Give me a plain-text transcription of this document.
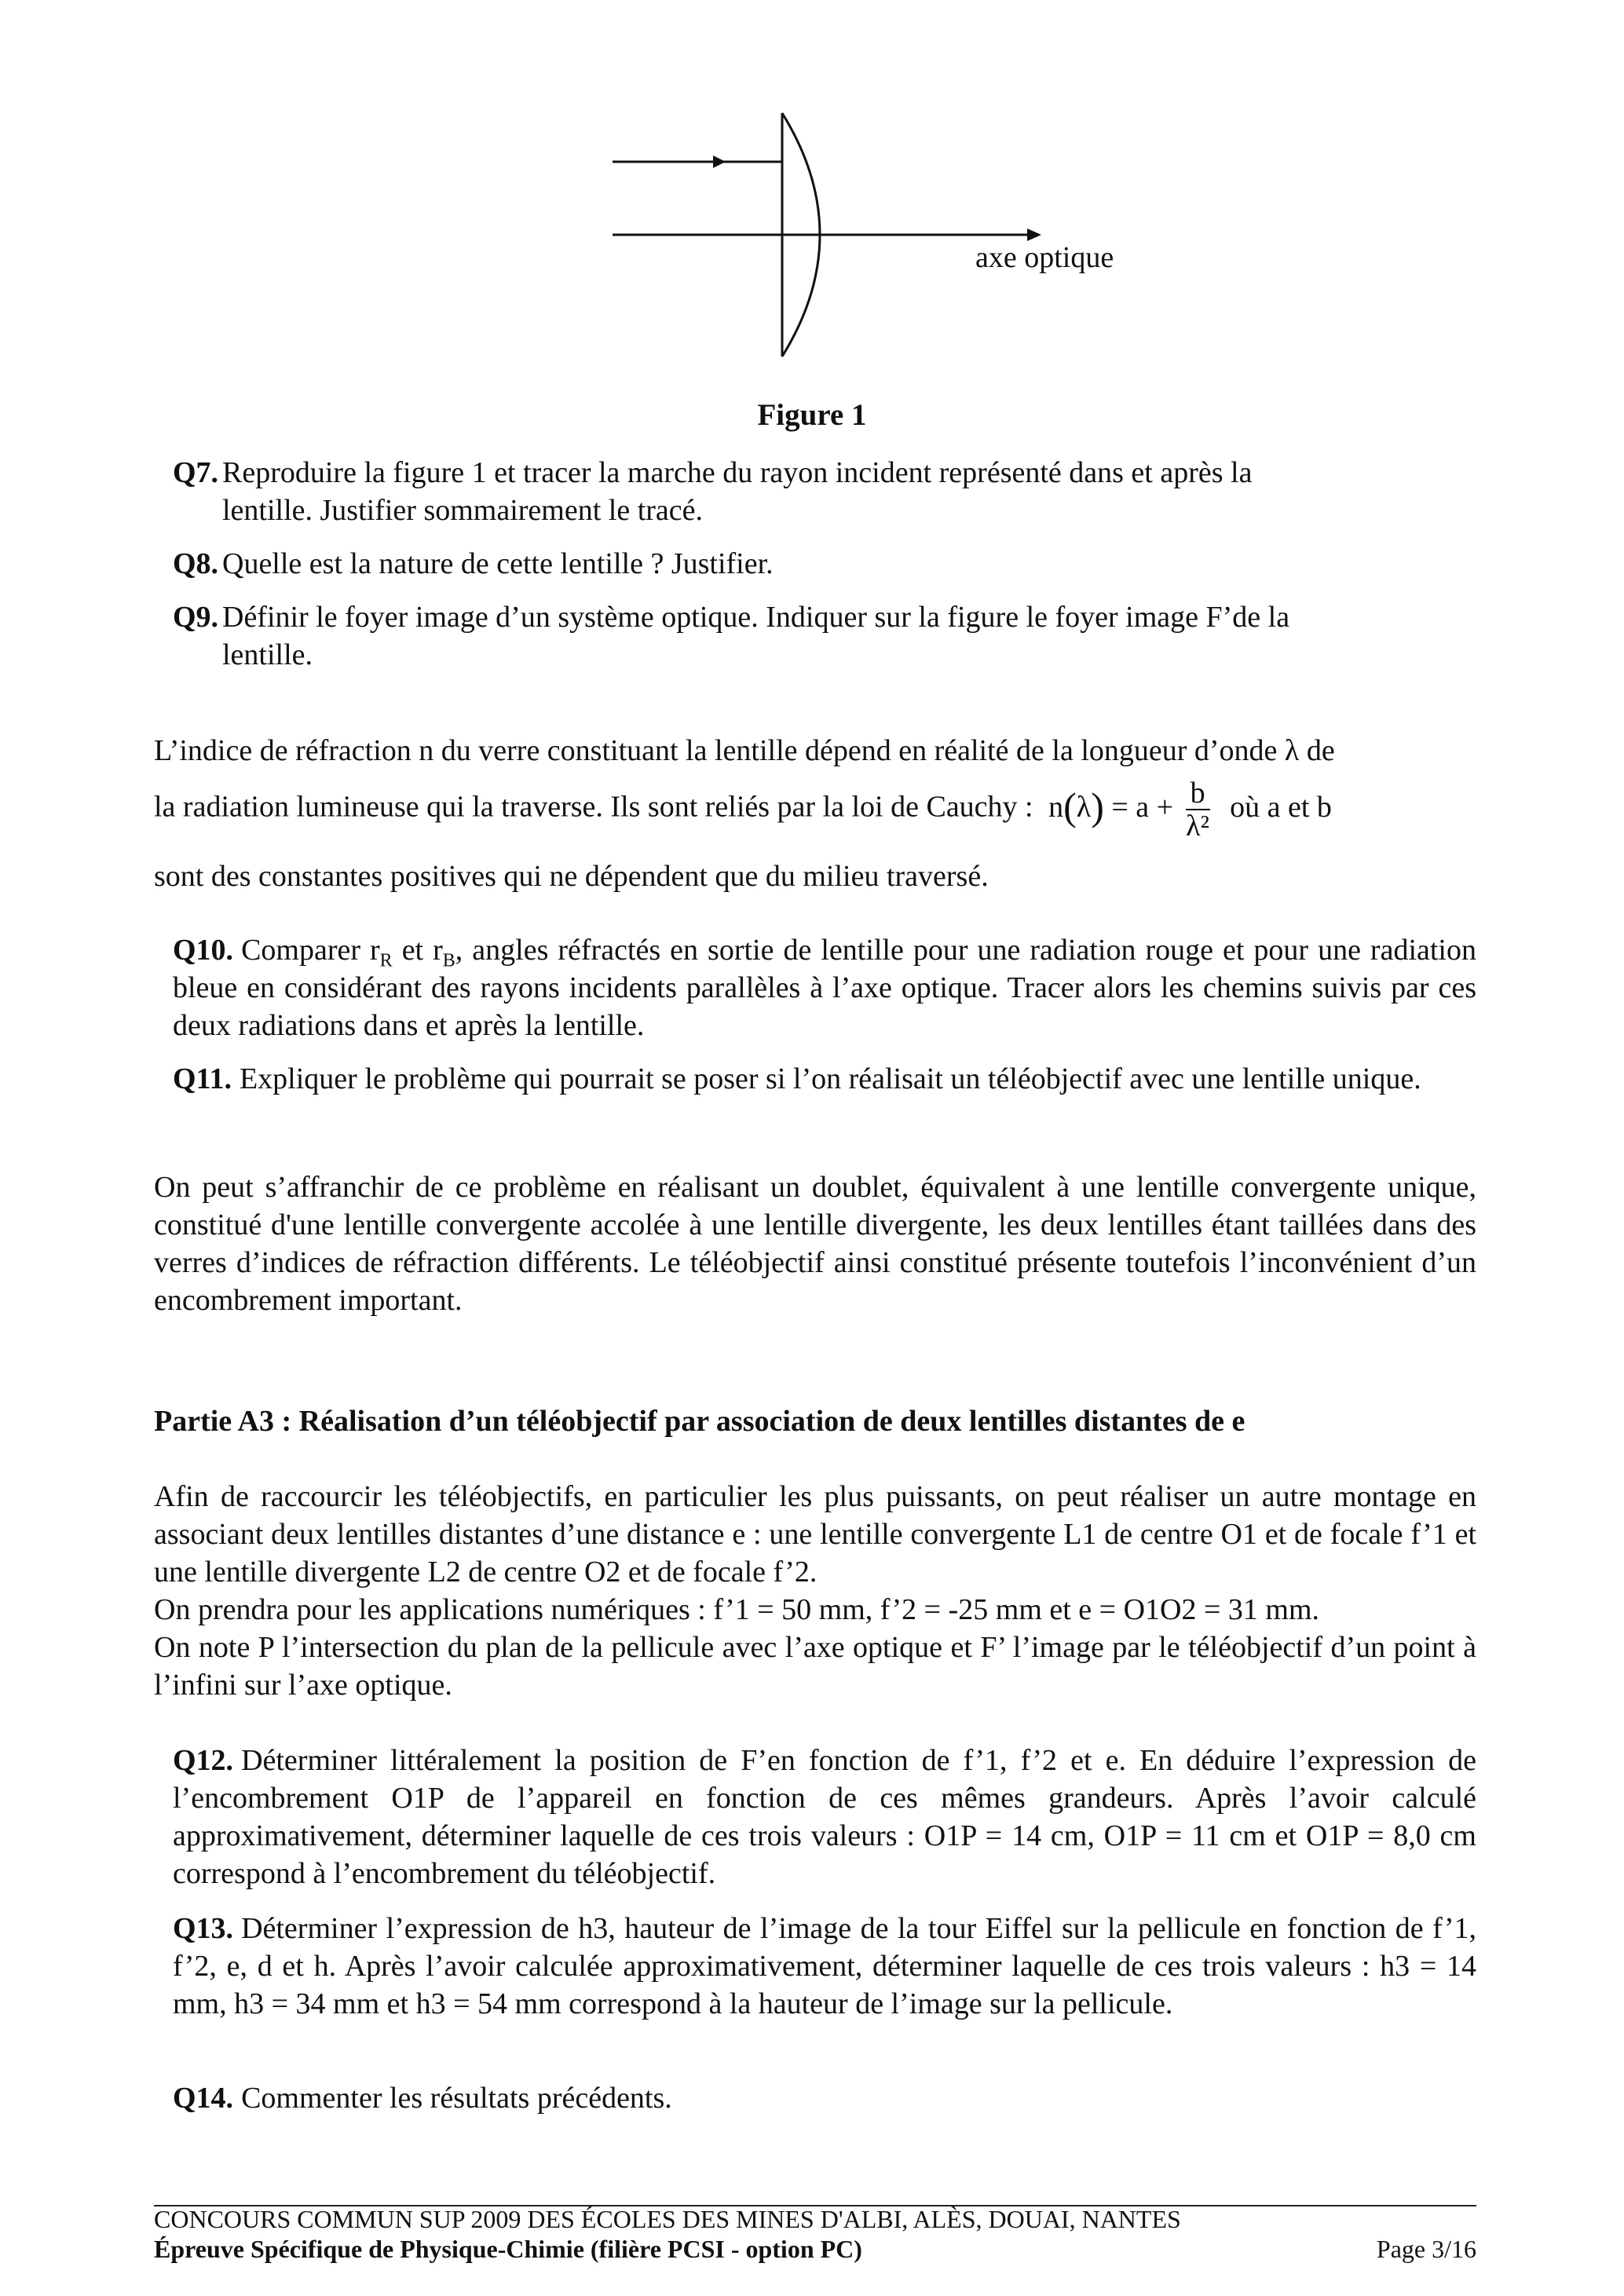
axe optique
Figure 1
Q7. Reproduire la figure 1 et tracer la marche du rayon incident représenté dans et après la
lentille. Justifier sommairement le tracé.
Q8. Quelle est la nature de cette lentille ? Justifier.
Q9. Définir le foyer image d’un système optique. Indiquer sur la figure le foyer image F’de la
lentille.
L’indice de réfraction n du verre constituant la lentille dépend en réalité de la longueur d’onde λ de
la radiation lumineuse qui la traverse. Ils sont reliés par la loi de Cauchy : $n(\lambda) = a + \frac{b}{\text{λ²}}$ où a et b
sont des constantes positives qui ne dépendent que du milieu traversé.
Q10. Comparer $r_R$ et $r_B$, angles réfractés en sortie de lentille pour une radiation rouge et pour une radiation bleue en considérant des rayons incidents parallèles à l’axe optique. Tracer alors les chemins suivis par ces deux radiations dans et après la lentille.
Q11. Expliquer le problème qui pourrait se poser si l’on réalisait un téléobjectif avec une lentille unique.
On peut s’affranchir de ce problème en réalisant un doublet, équivalent à une lentille convergente unique, constitué d'une lentille convergente accolée à une lentille divergente, les deux lentilles étant taillées dans des verres d’indices de réfraction différents. Le téléobjectif ainsi constitué présente toutefois l’inconvénient d’un encombrement important.
Partie A3 : Réalisation d’un téléobjectif par association de deux lentilles distantes de e
Afin de raccourcir les téléobjectifs, en particulier les plus puissants, on peut réaliser un autre montage en associant deux lentilles distantes d’une distance e : une lentille convergente L1 de centre O1 et de focale f’1 et une lentille divergente L2 de centre O2 et de focale f’2.
On prendra pour les applications numériques : f’1 = 50 mm, f’2 = -25 mm et e = O1O2 = 31 mm.
On note P l’intersection du plan de la pellicule avec l’axe optique et F’ l’image par le téléobjectif d’un point à l’infini sur l’axe optique.
Q12. Déterminer littéralement la position de F’en fonction de f’1, f’2 et e. En déduire l’expression de l’encombrement O1P de l’appareil en fonction de ces mêmes grandeurs. Après l’avoir calculé approximativement, déterminer laquelle de ces trois valeurs : O1P = 14 cm, O1P = 11 cm et O1P = 8,0 cm correspond à l’encombrement du téléobjectif.
Q13. Déterminer l’expression de h3, hauteur de l’image de la tour Eiffel sur la pellicule en fonction de f’1, f’2, e, d et h. Après l’avoir calculée approximativement, déterminer laquelle de ces trois valeurs : h3 = 14 mm, h3 = 34 mm et h3 = 54 mm correspond à la hauteur de l’image sur la pellicule.
Q14. Commenter les résultats précédents.
CONCOURS COMMUN SUP 2009 DES ÉCOLES DES MINES D'ALBI, ALÈS, DOUAI, NANTES
Épreuve Spécifique de Physique-Chimie (filière PCSI - option PC)	Page 3/16
